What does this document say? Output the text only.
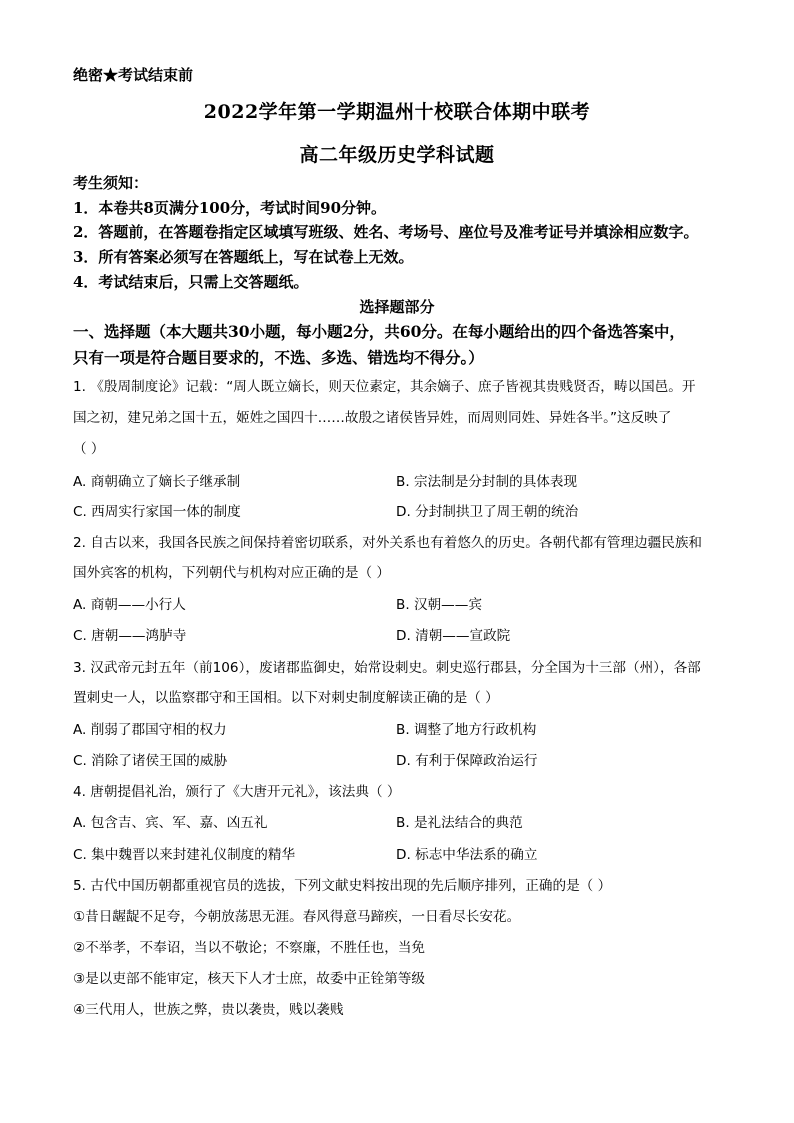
绝密★考试结束前
2022学年第一学期温州十校联合体期中联考
高二年级历史学科试题
考生须知：
1．本卷共8页满分100分，考试时间90分钟。
2．答题前，在答题卷指定区域填写班级、姓名、考场号、座位号及准考证号并填涂相应数字。
3．所有答案必须写在答题纸上，写在试卷上无效。
4．考试结束后，只需上交答题纸。
选择题部分
一、选择题（本大题共30小题，每小题2分，共60分。在每小题给出的四个备选答案中，
只有一项是符合题目要求的，不选、多选、错选均不得分。）
1. 《殷周制度论》记载：“周人既立嫡长，则天位素定，其余嫡子、庶子皆视其贵贱贤否，畴以国邑。开
国之初，建兄弟之国十五，姬姓之国四十……故殷之诸侯皆异姓，而周则同姓、异姓各半。”这反映了
（ ）
A. 商朝确立了嫡长子继承制	B. 宗法制是分封制的具体表现
C. 西周实行家国一体的制度	D. 分封制拱卫了周王朝的统治
2. 自古以来，我国各民族之间保持着密切联系，对外关系也有着悠久的历史。各朝代都有管理边疆民族和
国外宾客的机构，下列朝代与机构对应正确的是（ ）
A. 商朝——小行人	B. 汉朝——宾
C. 唐朝——鸿胪寺	D. 清朝——宣政院
3. 汉武帝元封五年（前106），废诸郡监御史，始常设刺史。刺史巡行郡县，分全国为十三部（州），各部
置刺史一人，以监察郡守和王国相。以下对刺史制度解读正确的是（ ）
A. 削弱了郡国守相的权力	B. 调整了地方行政机构
C. 消除了诸侯王国的威胁	D. 有利于保障政治运行
4. 唐朝提倡礼治，颁行了《大唐开元礼》，该法典（ ）
A. 包含吉、宾、军、嘉、凶五礼	B. 是礼法结合的典范
C. 集中魏晋以来封建礼仪制度的精华	D. 标志中华法系的确立
5. 古代中国历朝都重视官员的选拔，下列文献史料按出现的先后顺序排列，正确的是（ ）
①昔日龌龊不足夸，今朝放荡思无涯。春风得意马蹄疾，一日看尽长安花。
②不举孝，不奉诏，当以不敬论；不察廉，不胜任也，当免
③是以吏部不能审定，核天下人才士庶，故委中正铨第等级
④三代用人，世族之弊，贵以袭贵，贱以袭贱
